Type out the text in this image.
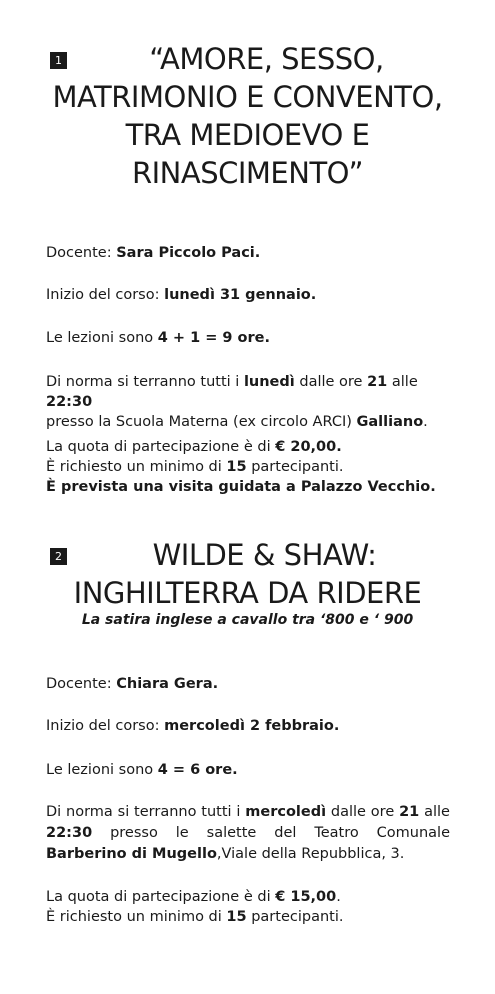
1	“AMORE, SESSO,
MATRIMONIO E CONVENTO,
TRA MEDIOEVO E
RINASCIMENTO”
Docente: Sara Piccolo Paci.
Inizio del corso: lunedì 31 gennaio.
Le lezioni sono 4 + 1 = 9 ore.
Di norma si terranno tutti i lunedì dalle ore 21 alle 22:30
presso la Scuola Materna (ex circolo ARCI) Galliano.
La quota di partecipazione è di € 20,00.
È richiesto un minimo di 15 partecipanti.
È prevista una visita guidata a Palazzo Vecchio.
2	WILDE & SHAW:
INGHILTERRA DA RIDERE
La satira inglese a cavallo tra ‘800 e ‘ 900
Docente: Chiara Gera.
Inizio del corso: mercoledì 2 febbraio.
Le lezioni sono 4 = 6 ore.
Di norma si terranno tutti i mercoledì dalle ore 21 alle 22:30 presso le salette del Teatro Comunale Barberino di Mugello,Viale della Repubblica, 3.
La quota di partecipazione è di € 15,00.
È richiesto un minimo di 15 partecipanti.
